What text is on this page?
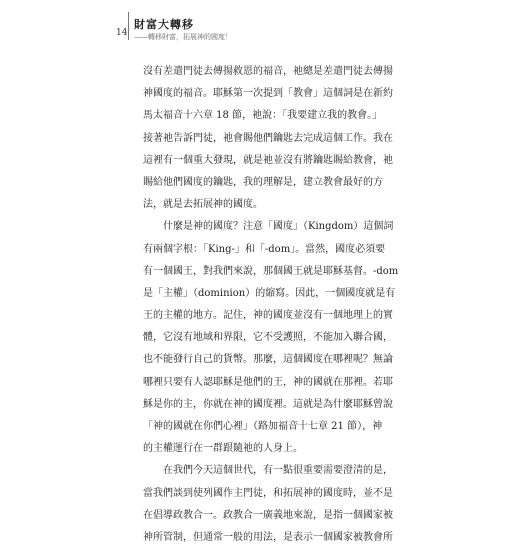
14
財富大轉移
——轉移財富，拓展神的國度！
沒有差遣門徒去傳揚救恩的福音，祂總是差遣門徒去傳揚
神國度的福音。耶穌第一次提到「教會」這個詞是在新約
馬太福音十六章 18 節，祂說：「我要建立我的教會。」
接著祂告訴門徒，祂會賜他們鑰匙去完成這個工作。我在
這裡有一個重大發現，就是祂並沒有將鑰匙賜給教會，祂
賜給他們國度的鑰匙，我的理解是，建立教會最好的方
法，就是去拓展神的國度。
什麼是神的國度？注意「國度」（Kingdom）這個詞
有兩個字根：「King-」和「-dom」。當然，國度必須要
有一個國王，對我們來說，那個國王就是耶穌基督。-dom
是「主權」（dominion）的縮寫。因此，一個國度就是有
王的主權的地方。記住，神的國度並沒有一個地理上的實
體，它沒有地域和界限，它不受護照，不能加入聯合國，
也不能發行自己的貨幣。那麼，這個國度在哪裡呢？無論
哪裡只要有人認耶穌是他們的王，神的國就在那裡。若耶
穌是你的主，你就在神的國度裡。這就是為什麼耶穌曾說
「神的國就在你們心裡」（路加福音十七章 21 節），神
的主權運行在一群跟隨祂的人身上。
在我們今天這個世代，有一點很重要需要澄清的是，
當我們談到使列國作主門徒，和拓展神的國度時，並不是
在倡導政教合一。政教合一廣義地來說，是指一個國家被
神所管制，但通常一般的用法，是表示一個國家被教會所
